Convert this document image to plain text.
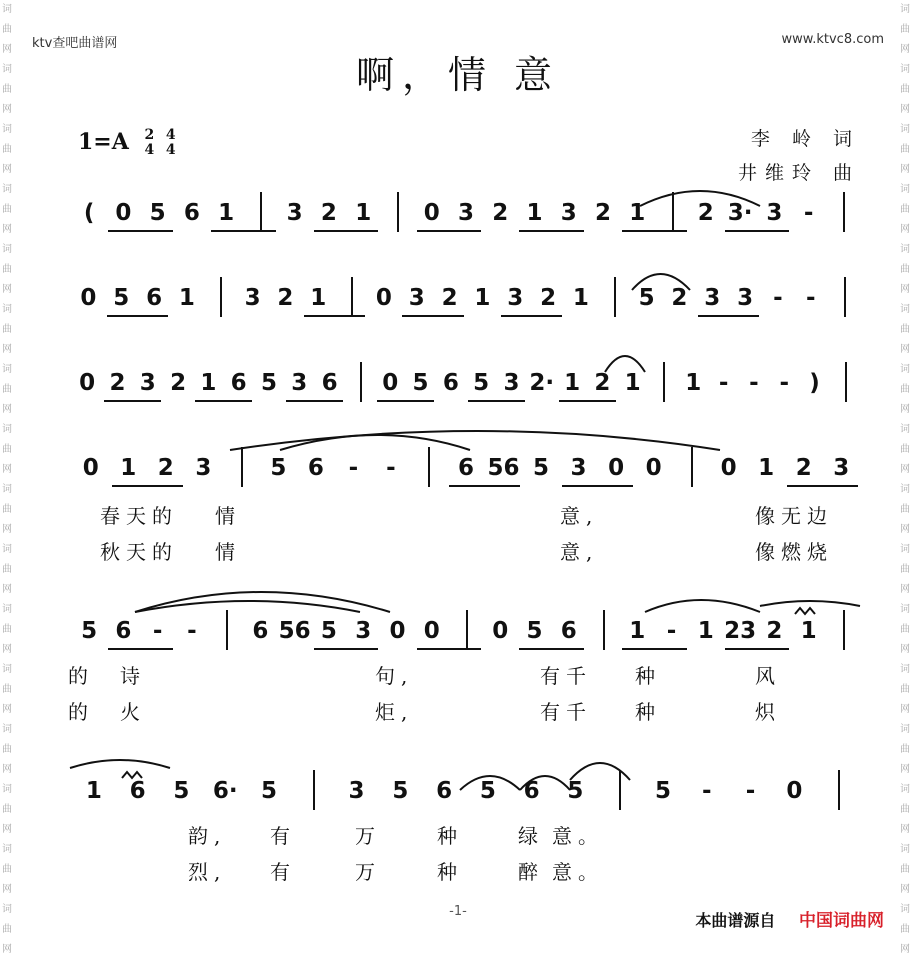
词曲网词曲网词曲网词曲网词曲网词曲网词曲网词曲网词曲网词曲网词曲网词曲网词曲网词曲网词曲网词曲网
词曲网词曲网词曲网词曲网词曲网词曲网词曲网词曲网词曲网词曲网词曲网词曲网词曲网词曲网词曲网词曲网
ktv查吧曲谱网	www.ktvc8.com
啊，情 意
1=A 2
4

4
4	李 岭 词
井维玲 曲
( 0 5 6 1	3 2 1	0 3 2 1 3 2 1	2 3· 3 -
0 5 6 1	3 2 1	0 3 2 1 3 2 1	5 2 3 3 -	-
0 2 3 2 1 6 5 3 6	0 5 6 5 3 2· 1 2 1	1 - - - )
0 1 2 3	5 6	-	-	6 56 5 3 0 0	0 1 2 3
春天的 情	意,	像无边
秋天的 情	意,	像燃烧
5 6 -	-	6 56 5 3 0 0	0 5 6	1 - 1 23 2 1
的 诗	句,	有千 种	风
的 火	炬,	有千 种	炽
1	6	5	6·	5	3	5	6	5	6	5	5	-	-	0
韵, 有	万	种	绿 意。
烈, 有	万	种	醉 意。
-1-	本曲谱源自 中国词曲网
